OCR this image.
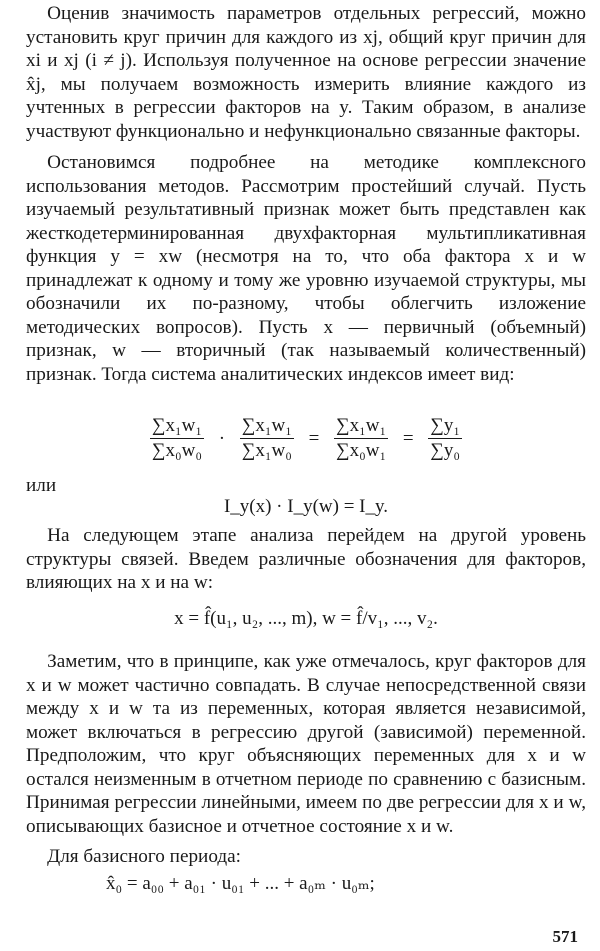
Оценив значимость параметров отдельных регрессий, можно установить круг причин для каждого из xj, общий круг причин для xi и xj (i ≠ j). Используя полученное на основе регрессии значение x̂j, мы получаем возможность измерить влияние каждого из учтенных в регрессии факторов на y. Таким образом, в анализе участвуют функционально и нефункционально связанные факторы.

Остановимся подробнее на методике комплексного использования методов. Рассмотрим простейший случай. Пусть изучаемый результативный признак может быть представлен как жесткодетерминированная двухфакторная мультипликативная функция y = xw (несмотря на то, что оба фактора x и w принадлежат к одному и тому же уровню изучаемой структуры, мы обозначили их по-разному, чтобы облегчить изложение методических вопросов). Пусть x — первичный (объемный) признак, w — вторичный (так называемый количественный) признак. Тогда система аналитических индексов имеет вид:

$\frac{\text{∑x₁w₁}}{\text{∑x₀w₀}} \cdot \frac{\text{∑x₁w₁}}{\text{∑x₁w₀}} = \frac{\text{∑x₁w₁}}{\text{∑x₀w₁}} = \frac{\text{∑y₁}}{\text{∑y₀}}$
или
I_y(x) · I_y(w) = I_y.

На следующем этапе анализа перейдем на другой уровень структуры связей. Введем различные обозначения для факторов, влияющих на x и на w:

x = f̂(u₁, u₂, ..., m), w = f̂/v₁, ..., v₂.

Заметим, что в принципе, как уже отмечалось, круг факторов для x и w может частично совпадать. В случае непосредственной связи между x и w та из переменных, которая является независимой, может включаться в регрессию другой (зависимой) переменной. Предположим, что круг объясняющих переменных для x и w остался неизменным в отчетном периоде по сравнению с базисным. Принимая регрессии линейными, имеем по две регрессии для x и w, описывающих базисное и отчетное состояние x и w.

Для базисного периода:

x̂₀ = a₀₀ + a₀₁ · u₀₁ + ... + a₀ₘ · u₀ₘ;
571
